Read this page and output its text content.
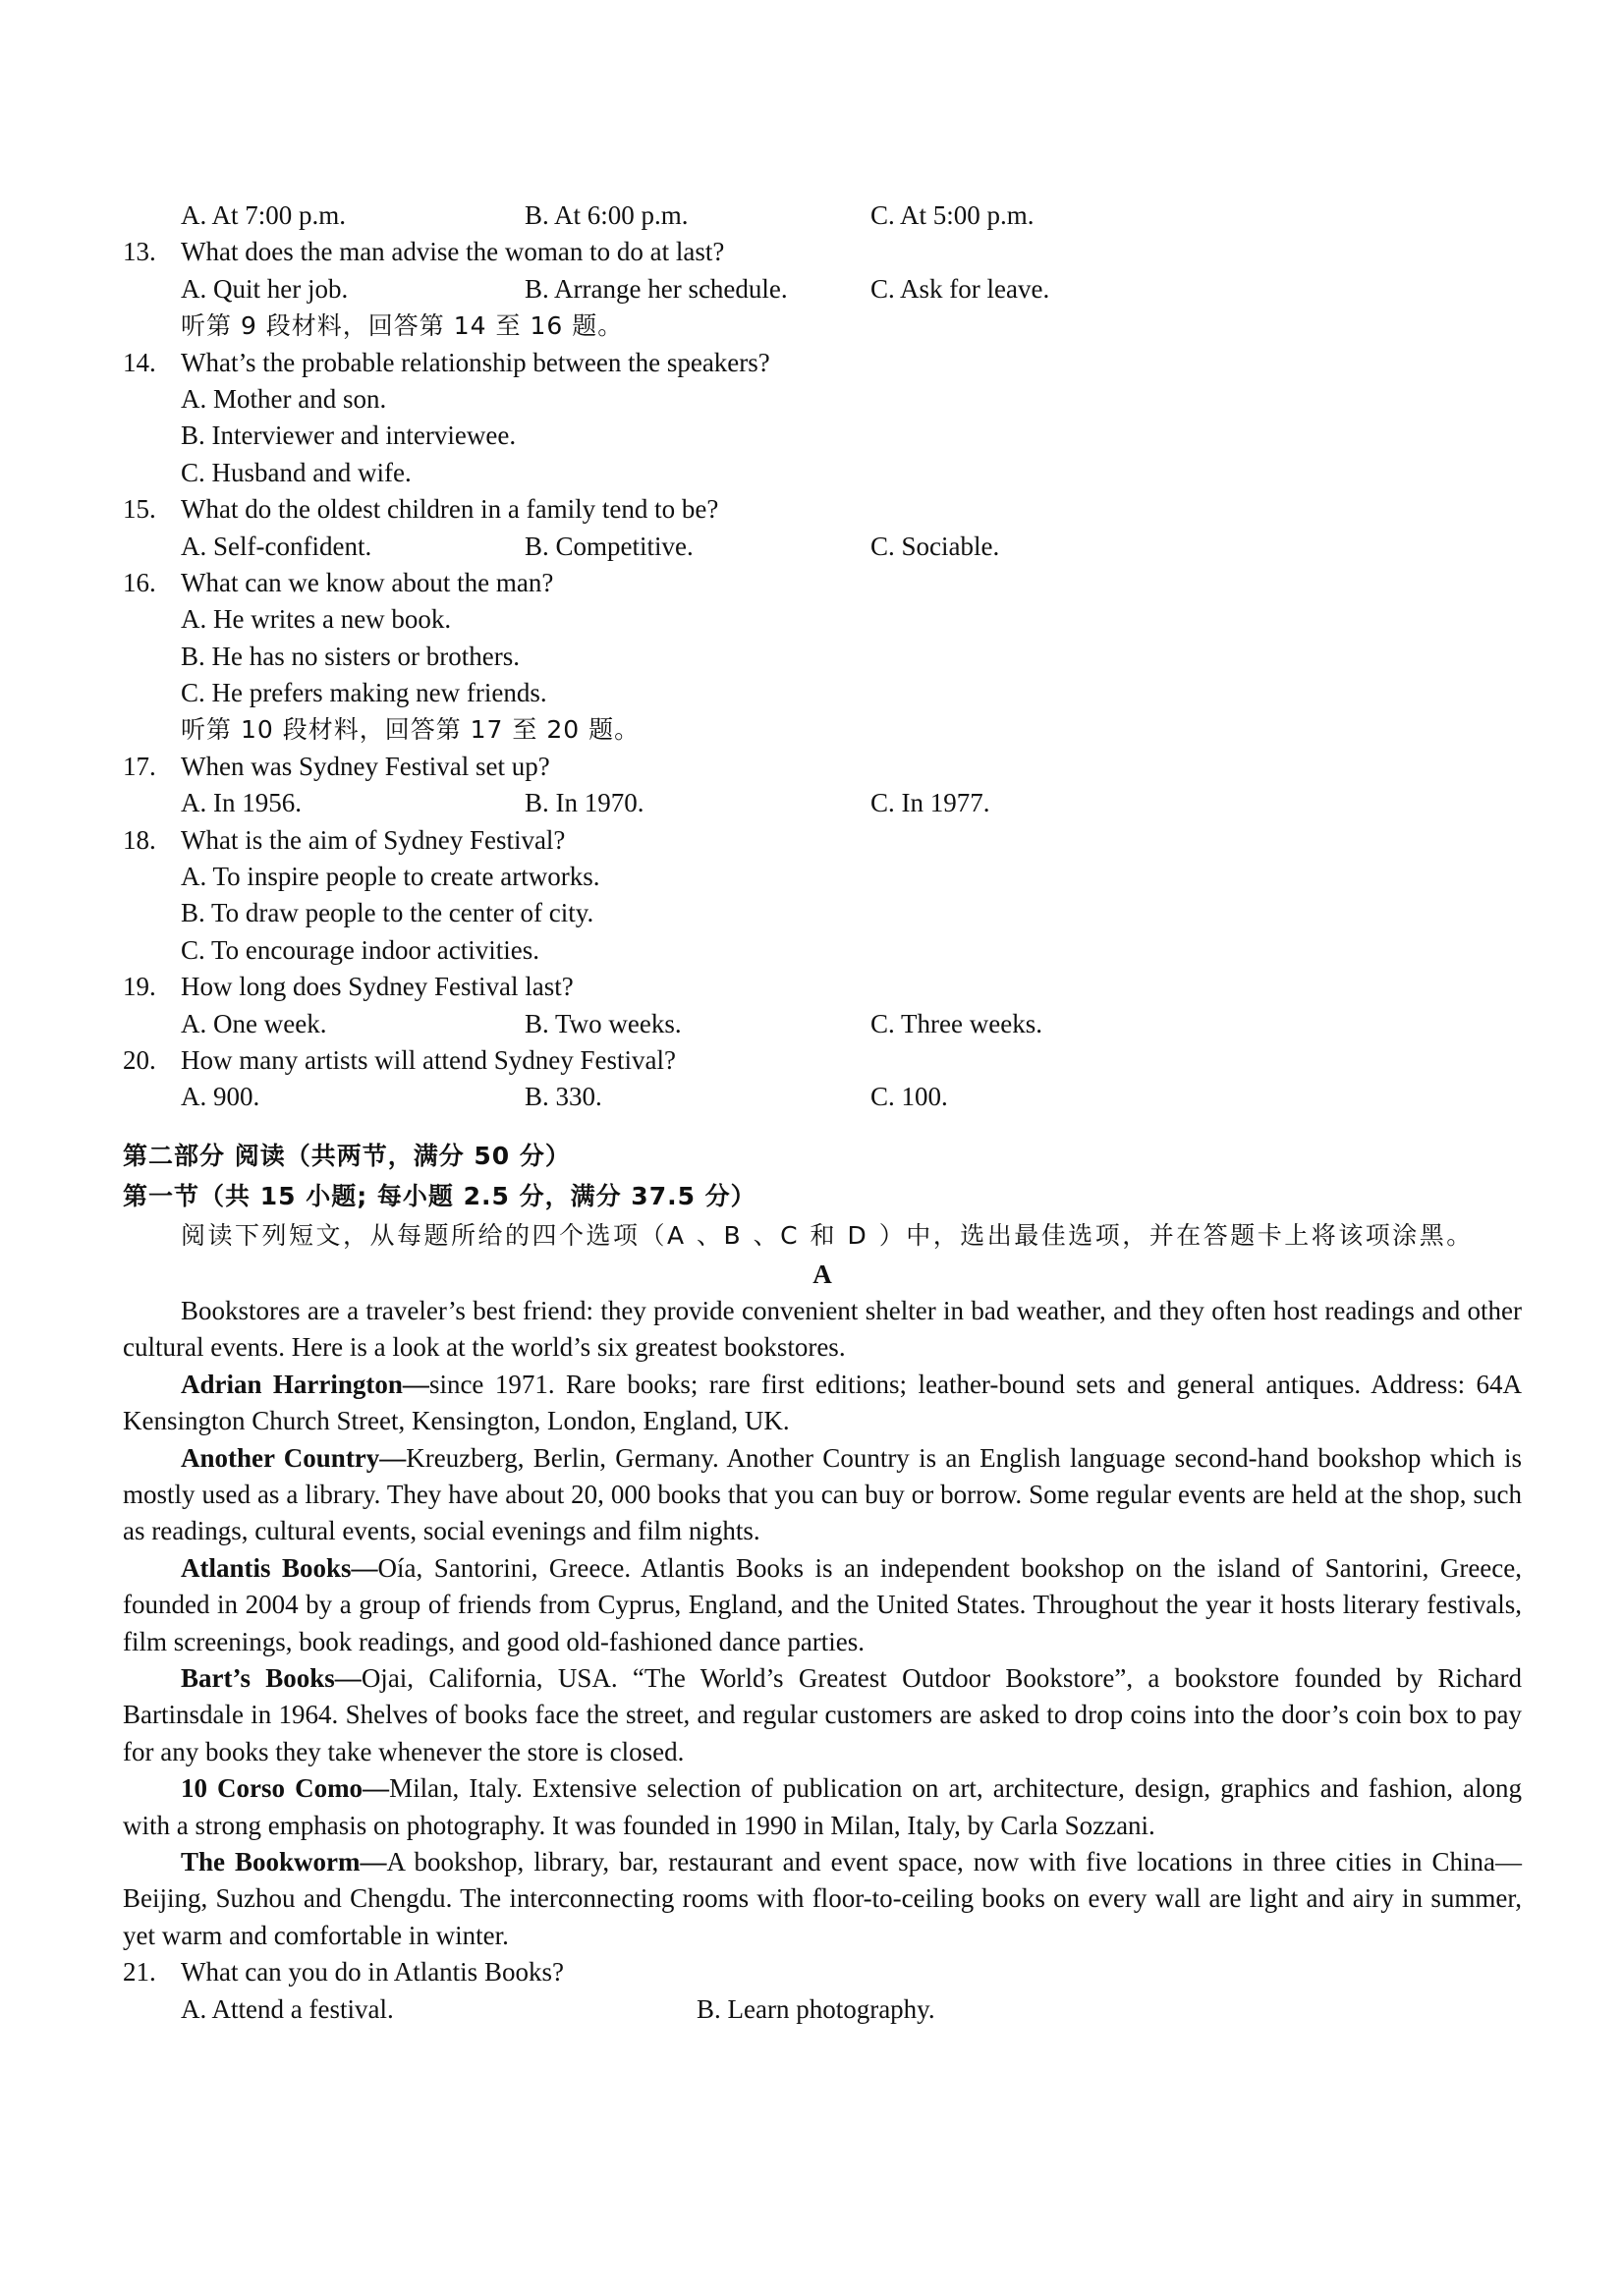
A. At 7:00 p.m.	B. At 6:00 p.m.	C. At 5:00 p.m.
13. What does the man advise the woman to do at last?
A. Quit her job.	B. Arrange her schedule.	C. Ask for leave.
听第 9 段材料，回答第 14 至 16 题。
14. What’s the probable relationship between the speakers?
A. Mother and son.
B. Interviewer and interviewee.
C. Husband and wife.
15. What do the oldest children in a family tend to be?
A. Self-confident.	B. Competitive.	C. Sociable.
16. What can we know about the man?
A. He writes a new book.
B. He has no sisters or brothers.
C. He prefers making new friends.
听第 10 段材料，回答第 17 至 20 题。
17. When was Sydney Festival set up?
A. In 1956.	B. In 1970.	C. In 1977.
18. What is the aim of Sydney Festival?
A. To inspire people to create artworks.
B. To draw people to the center of city.
C. To encourage indoor activities.
19. How long does Sydney Festival last?
A. One week.	B. Two weeks.	C. Three weeks.
20. How many artists will attend Sydney Festival?
A. 900.	B. 330.	C. 100.
第二部分 阅读（共两节，满分 50 分）
第一节（共 15 小题; 每小题 2.5 分，满分 37.5 分）
阅读下列短文，从每题所给的四个选项（A 、B 、C 和 D ）中，选出最佳选项，并在答题卡上将该项涂黑。
A
Bookstores are a traveler’s best friend: they provide convenient shelter in bad weather, and they often host readings and other cultural events. Here is a look at the world’s six greatest bookstores.
Adrian Harrington—since 1971. Rare books; rare first editions; leather-bound sets and general antiques. Address: 64A Kensington Church Street, Kensington, London, England, UK.
Another Country—Kreuzberg, Berlin, Germany. Another Country is an English language second-hand bookshop which is mostly used as a library. They have about 20, 000 books that you can buy or borrow. Some regular events are held at the shop, such as readings, cultural events, social evenings and film nights.
Atlantis Books—Oía, Santorini, Greece. Atlantis Books is an independent bookshop on the island of Santorini, Greece, founded in 2004 by a group of friends from Cyprus, England, and the United States. Throughout the year it hosts literary festivals, film screenings, book readings, and good old-fashioned dance parties.
Bart’s Books—Ojai, California, USA. “The World’s Greatest Outdoor Bookstore”, a bookstore founded by Richard Bartinsdale in 1964. Shelves of books face the street, and regular customers are asked to drop coins into the door’s coin box to pay for any books they take whenever the store is closed.
10 Corso Como—Milan, Italy. Extensive selection of publication on art, architecture, design, graphics and fashion, along with a strong emphasis on photography. It was founded in 1990 in Milan, Italy, by Carla Sozzani.
The Bookworm—A bookshop, library, bar, restaurant and event space, now with five locations in three cities in China—Beijing, Suzhou and Chengdu. The interconnecting rooms with floor-to-ceiling books on every wall are light and airy in summer, yet warm and comfortable in winter.
21. What can you do in Atlantis Books?
A. Attend a festival.	B. Learn photography.
